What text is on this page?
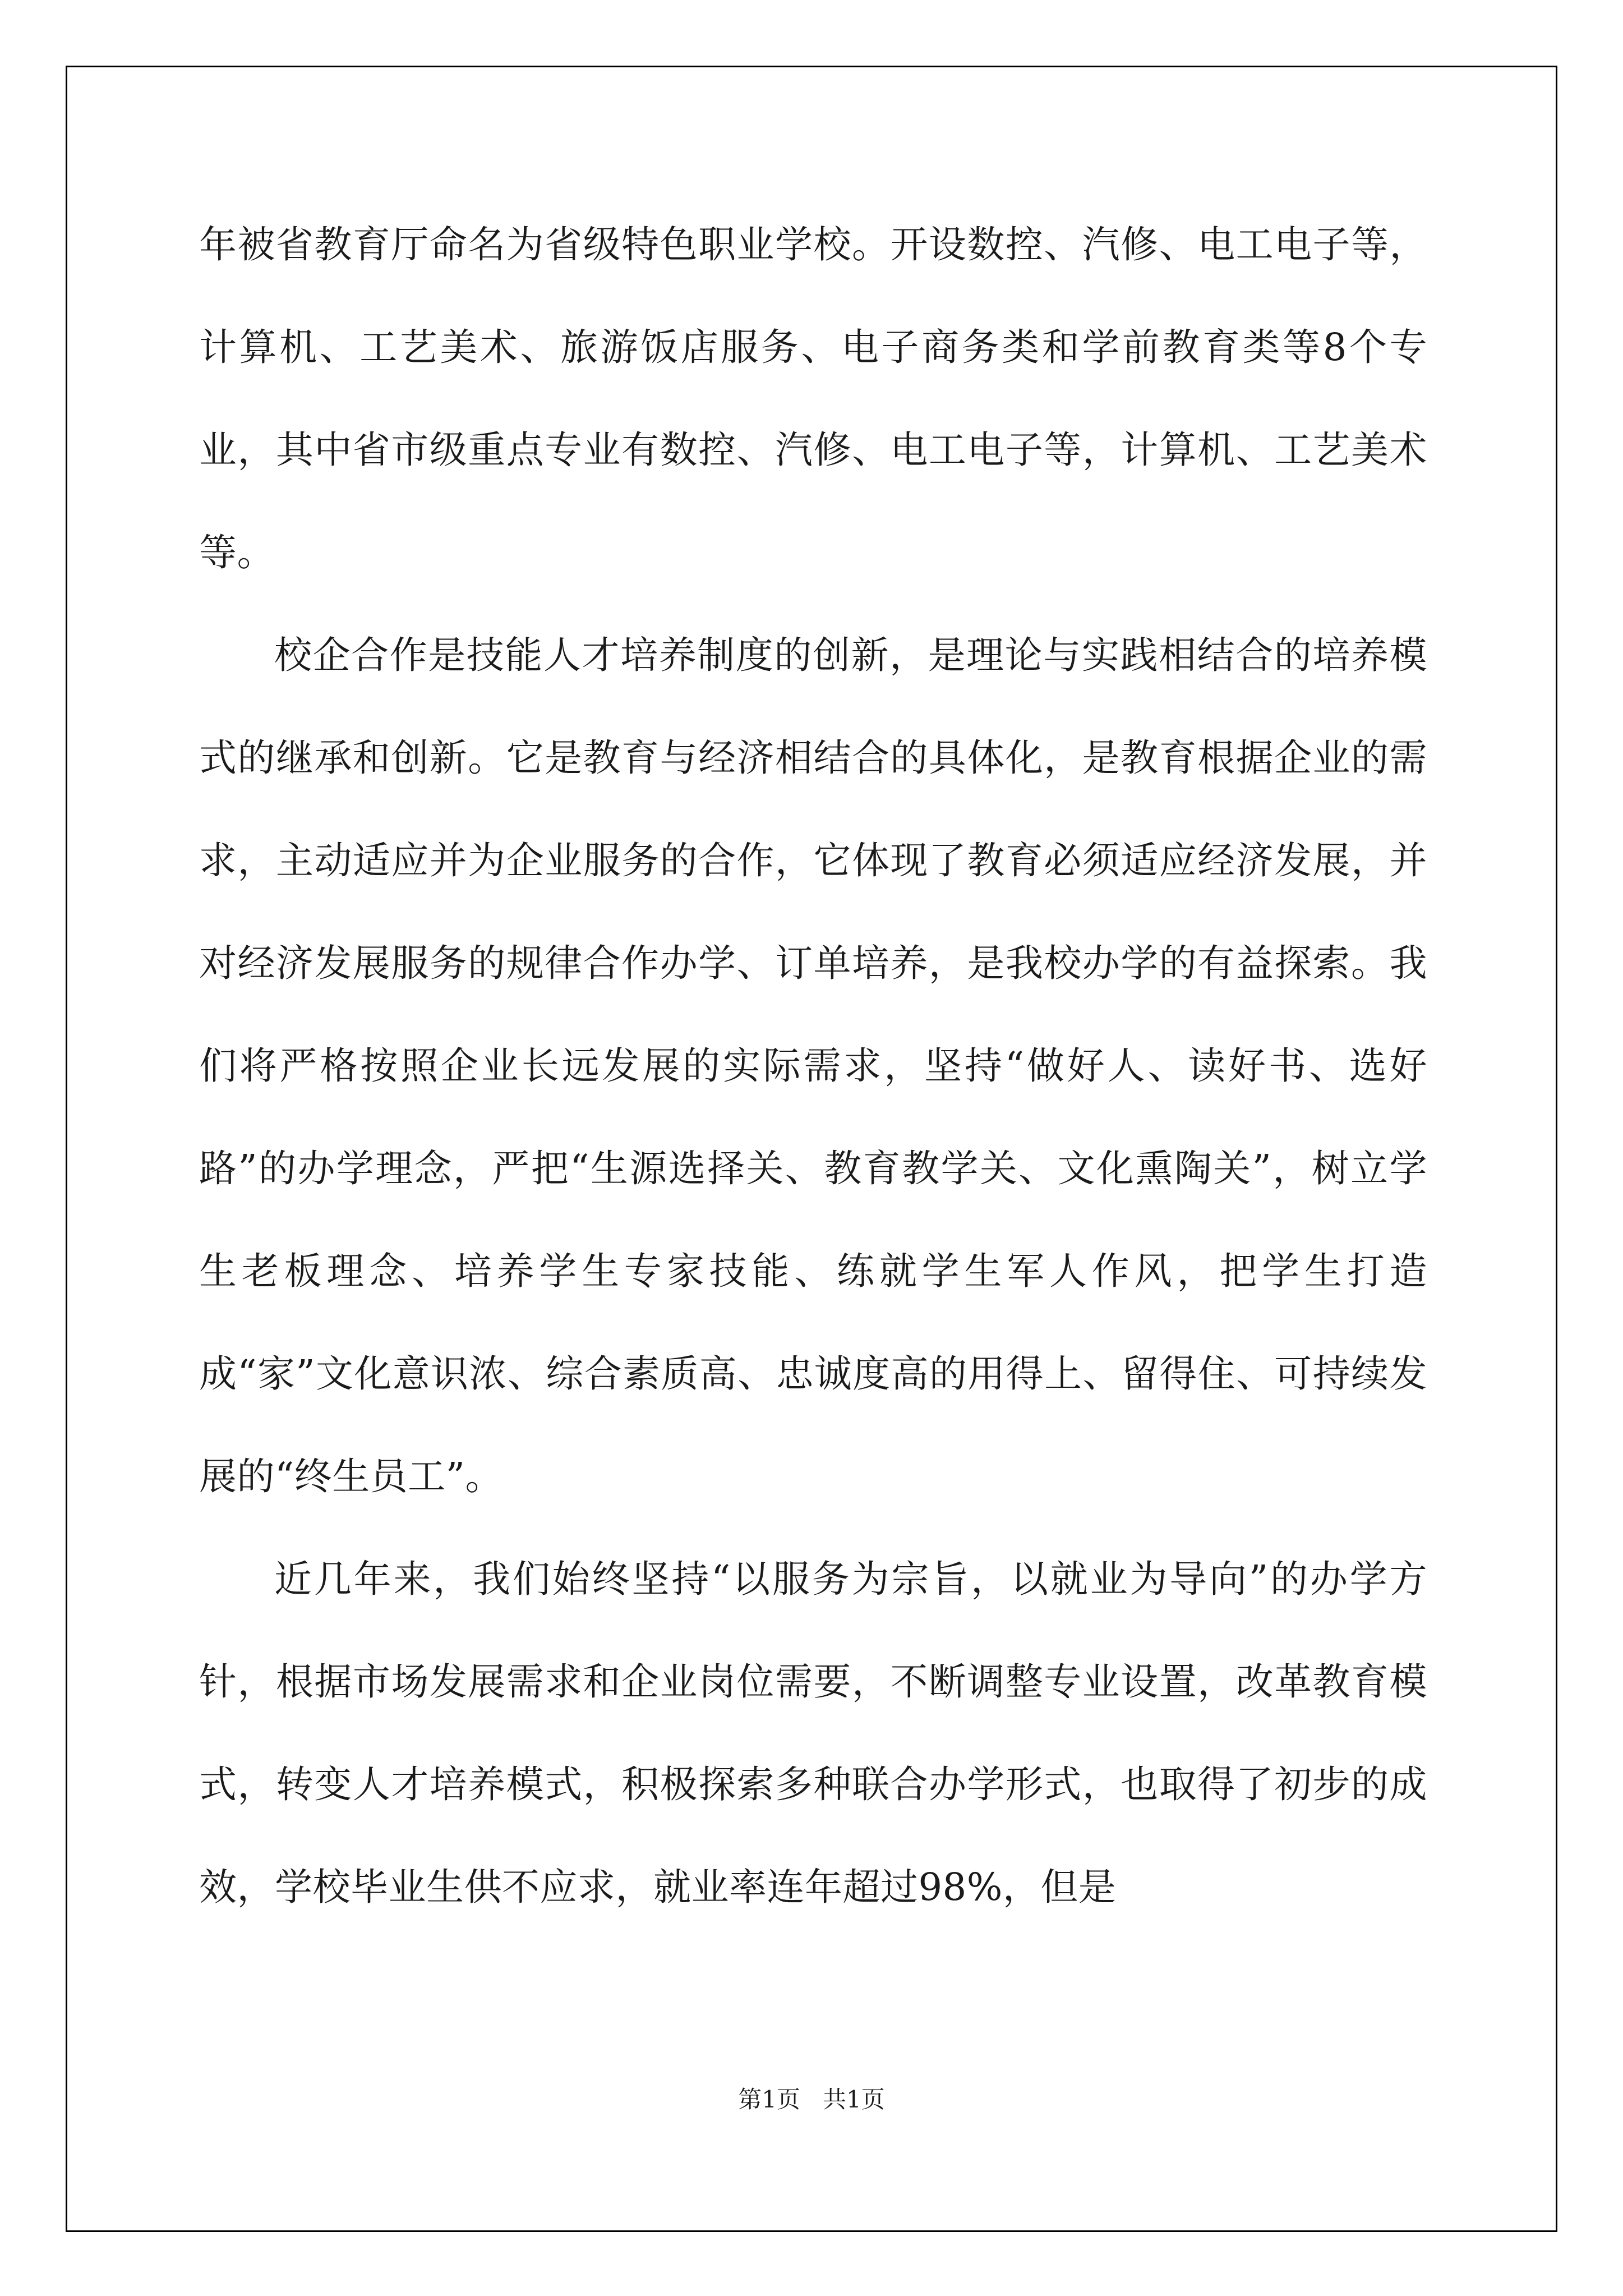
年被省教育厅命名为省级特色职业学校。开设数控、汽修、电工电子等，计算机、工艺美术、旅游饭店服务、电子商务类和学前教育类等8个专业，其中省市级重点专业有数控、汽修、电工电子等，计算机、工艺美术等。

校企合作是技能人才培养制度的创新，是理论与实践相结合的培养模式的继承和创新。它是教育与经济相结合的具体化，是教育根据企业的需求，主动适应并为企业服务的合作，它体现了教育必须适应经济发展，并对经济发展服务的规律合作办学、订单培养，是我校办学的有益探索。我们将严格按照企业长远发展的实际需求，坚持“做好人、读好书、选好路”的办学理念，严把“生源选择关、教育教学关、文化熏陶关”，树立学生老板理念、培养学生专家技能、练就学生军人作风，把学生打造成“家”文化意识浓、综合素质高、忠诚度高的用得上、留得住、可持续发展的“终生员工”。

近几年来，我们始终坚持“以服务为宗旨，以就业为导向”的办学方针，根据市场发展需求和企业岗位需要，不断调整专业设置，改革教育模式，转变人才培养模式，积极探索多种联合办学形式，也取得了初步的成效，学校毕业生供不应求，就业率连年超过98%，但是

第1页   共1页
